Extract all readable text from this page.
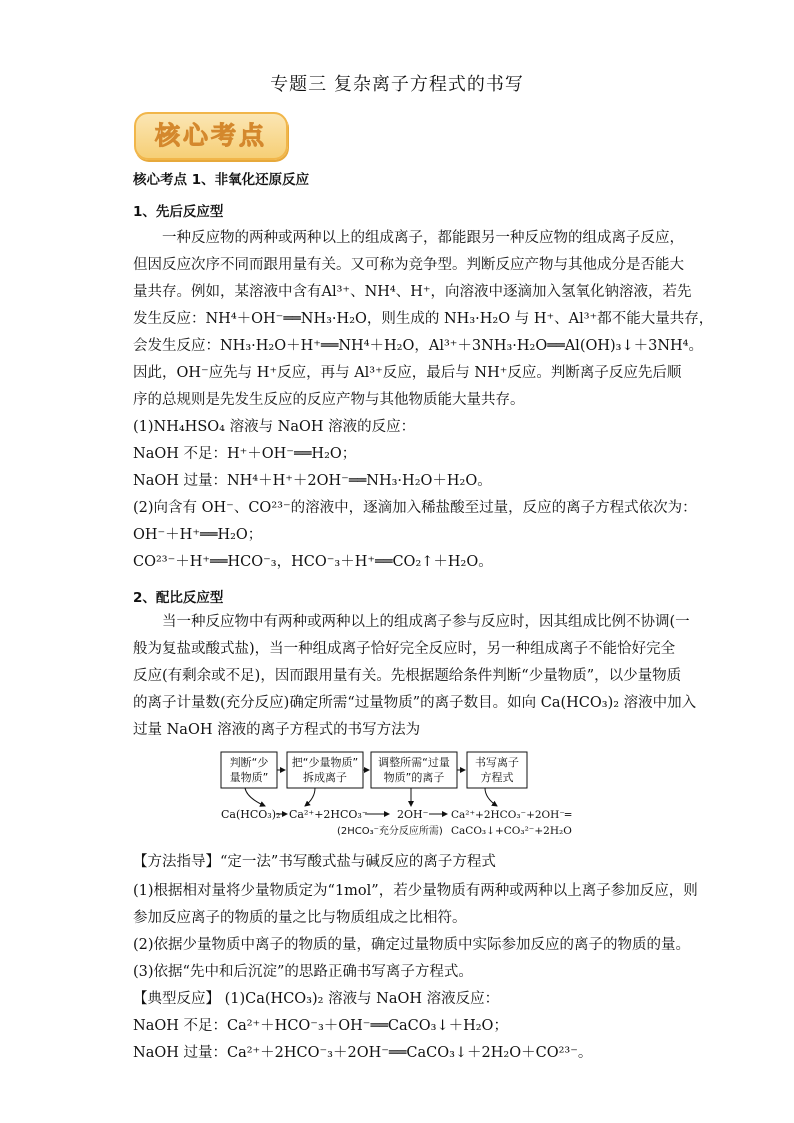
专题三 复杂离子方程式的书写
核心考点
核心考点 1、非氧化还原反应
1、先后反应型
一种反应物的两种或两种以上的组成离子，都能跟另一种反应物的组成离子反应，
但因反应次序不同而跟用量有关。又可称为竞争型。判断反应产物与其他成分是否能大
量共存。例如，某溶液中含有Al³⁺、NH⁴、H⁺，向溶液中逐滴加入氢氧化钠溶液，若先
发生反应：NH⁴＋OH⁻══NH₃·H₂O，则生成的 NH₃·H₂O 与 H⁺、Al³⁺都不能大量共存，
会发生反应：NH₃·H₂O＋H⁺══NH⁴＋H₂O，Al³⁺＋3NH₃·H₂O══Al(OH)₃↓＋3NH⁴。
因此，OH⁻应先与 H⁺反应，再与 Al³⁺反应，最后与 NH⁺反应。判断离子反应先后顺
序的总规则是先发生反应的反应产物与其他物质能大量共存。
(1)NH₄HSO₄ 溶液与 NaOH 溶液的反应：
NaOH 不足：H⁺＋OH⁻══H₂O；
NaOH 过量：NH⁴＋H⁺＋2OH⁻══NH₃·H₂O＋H₂O。
(2)向含有 OH⁻、CO²³⁻的溶液中，逐滴加入稀盐酸至过量，反应的离子方程式依次为：
OH⁻＋H⁺══H₂O；
CO²³⁻＋H⁺══HCO⁻₃，HCO⁻₃＋H⁺══CO₂↑＋H₂O。
2、配比反应型
当一种反应物中有两种或两种以上的组成离子参与反应时，因其组成比例不协调(一
般为复盐或酸式盐)，当一种组成离子恰好完全反应时，另一种组成离子不能恰好完全
反应(有剩余或不足)，因而跟用量有关。先根据题给条件判断“少量物质”，以少量物质
的离子计量数(充分反应)确定所需“过量物质”的离子数目。如向 Ca(HCO₃)₂ 溶液中加入
过量 NaOH 溶液的离子方程式的书写方法为
判断“少
量物质”
把“少量物质”
拆成离子
调整所需“过量
物质”的离子
书写离子
方程式
Ca(HCO₃)₂ Ca²⁺+2HCO₃⁻	2OH⁻
(2HCO₃⁻充分反应所需)
Ca²⁺+2HCO₃⁻+2OH⁻═
CaCO₃↓+CO₃²⁻+2H₂O
【方法指导】“定一法”书写酸式盐与碱反应的离子方程式
(1)根据相对量将少量物质定为“1mol”，若少量物质有两种或两种以上离子参加反应，则
参加反应离子的物质的量之比与物质组成之比相符。
(2)依据少量物质中离子的物质的量，确定过量物质中实际参加反应的离子的物质的量。
(3)依据“先中和后沉淀”的思路正确书写离子方程式。
【典型反应】 (1)Ca(HCO₃)₂ 溶液与 NaOH 溶液反应：
NaOH 不足：Ca²⁺＋HCO⁻₃＋OH⁻══CaCO₃↓＋H₂O；
NaOH 过量：Ca²⁺＋2HCO⁻₃＋2OH⁻══CaCO₃↓＋2H₂O＋CO²³⁻。
